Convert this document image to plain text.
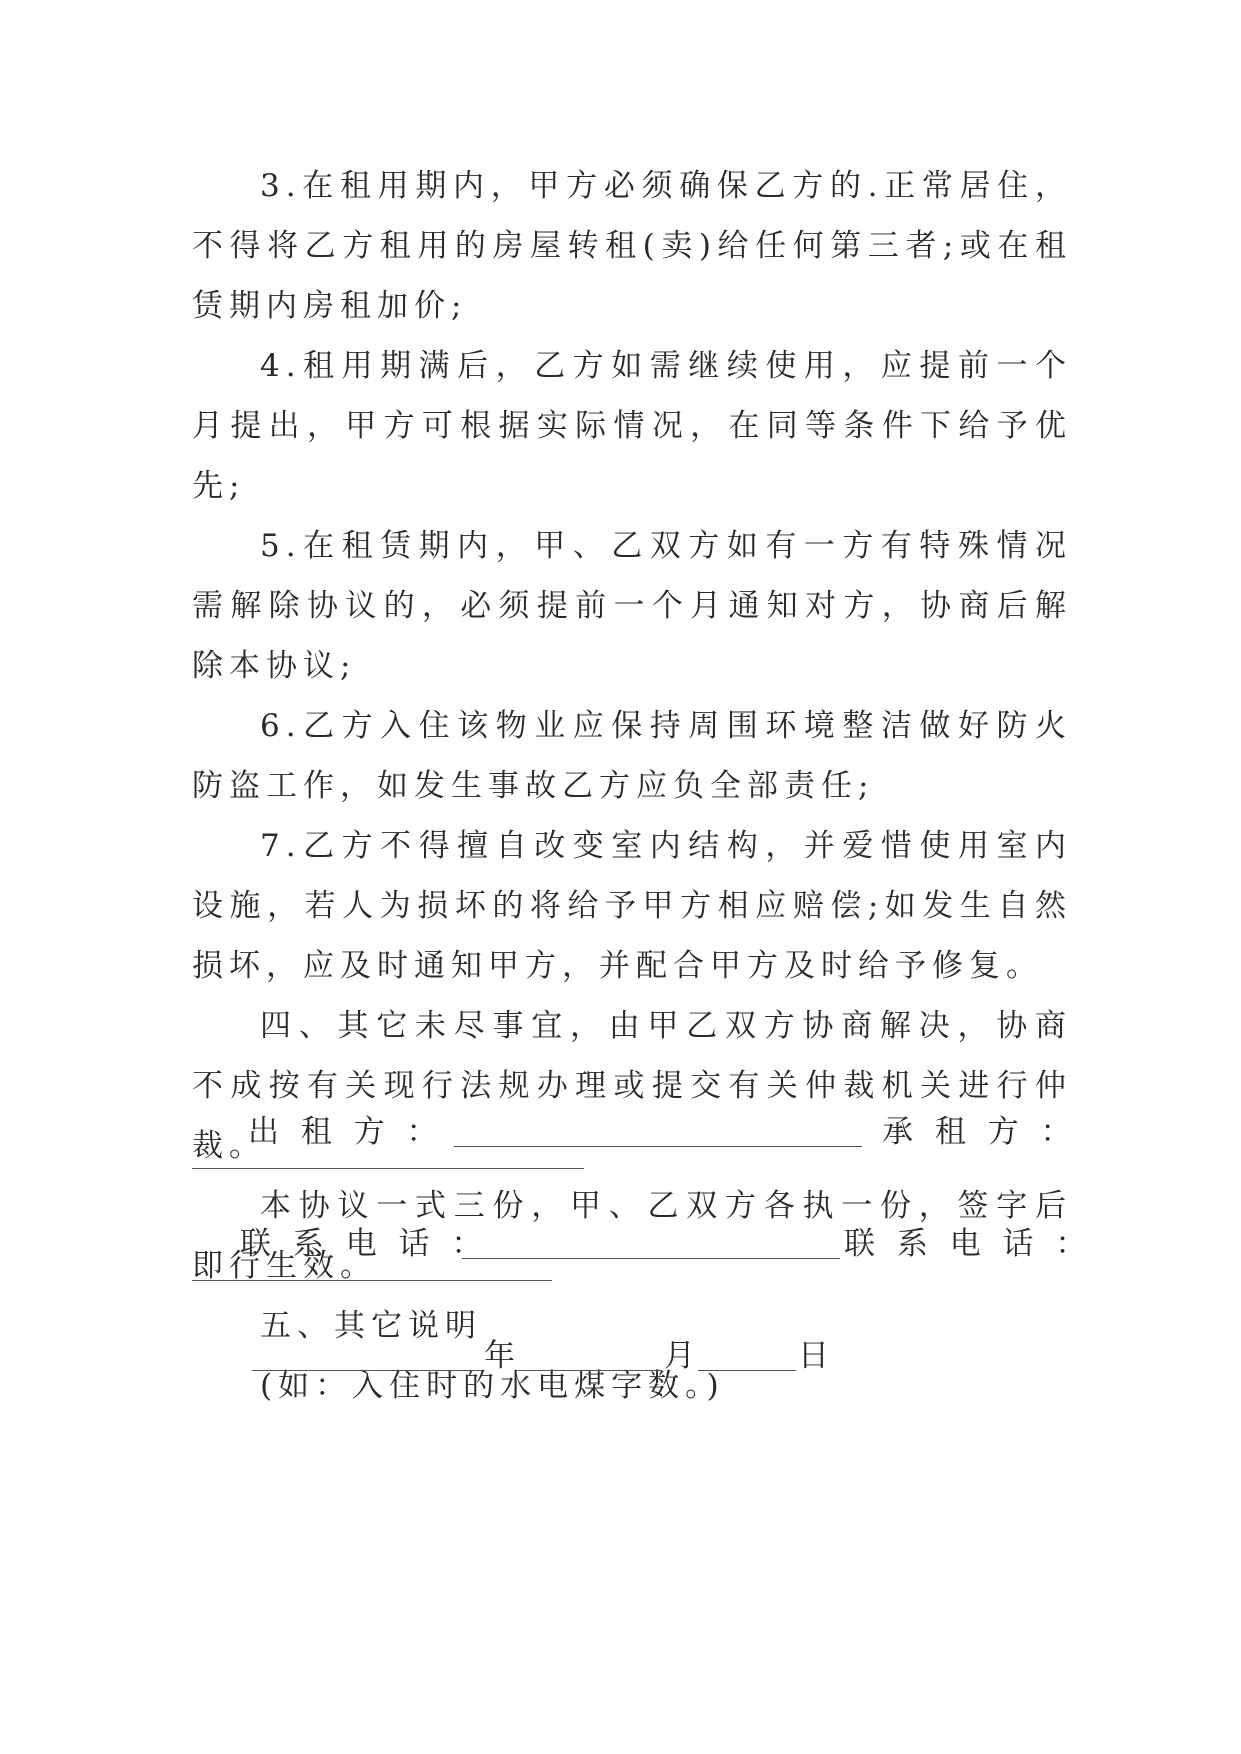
3.在租用期内，甲方必须确保乙方的.正常居住，不得将乙方租用的房屋转租(卖)给任何第三者;或在租赁期内房租加价;

4.租用期满后，乙方如需继续使用，应提前一个月提出，甲方可根据实际情况，在同等条件下给予优先;

5.在租赁期内，甲、乙双方如有一方有特殊情况需解除协议的，必须提前一个月通知对方，协商后解除本协议;

6.乙方入住该物业应保持周围环境整洁做好防火防盗工作，如发生事故乙方应负全部责任;

7.乙方不得擅自改变室内结构，并爱惜使用室内设施，若人为损坏的将给予甲方相应赔偿;如发生自然损坏，应及时通知甲方，并配合甲方及时给予修复。

四、其它未尽事宜，由甲乙双方协商解决，协商不成按有关现行法规办理或提交有关仲裁机关进行仲裁。

本协议一式三份，甲、乙双方各执一份，签字后即行生效。

五、其它说明

(如：入住时的水电煤字数。)

出 租 方 ：	承 租 方 ：
联 系 电 话 ：	联 系 电 话 ：
年	月	日
